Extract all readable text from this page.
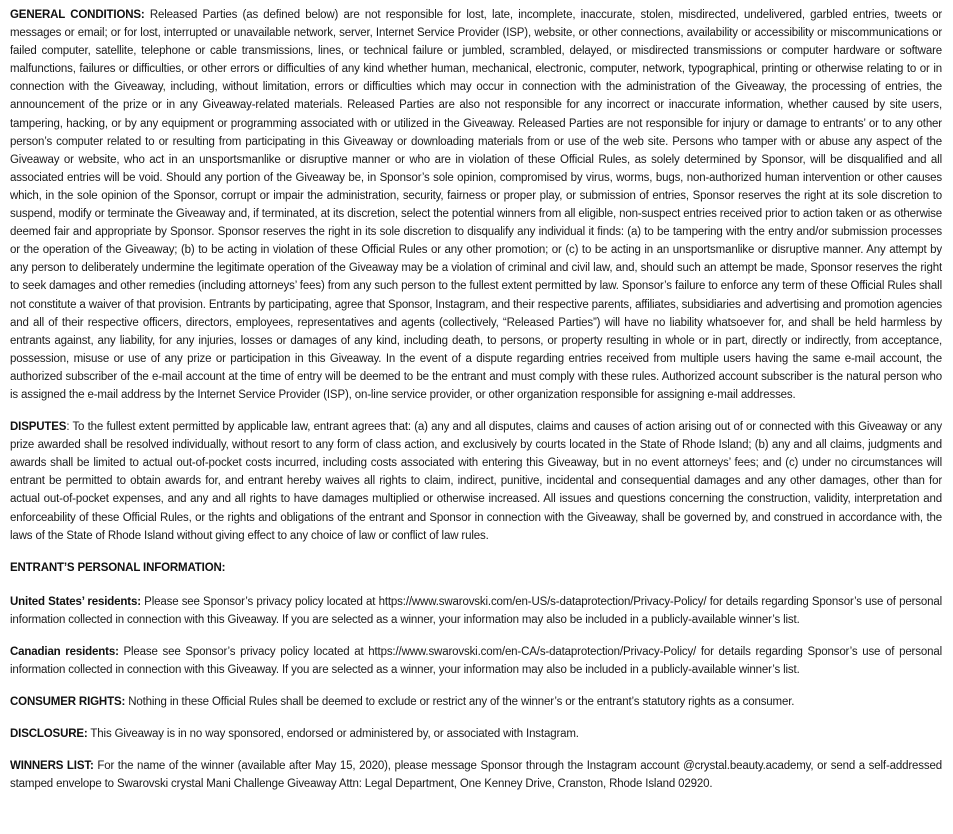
GENERAL CONDITIONS: Released Parties (as defined below) are not responsible for lost, late, incomplete, inaccurate, stolen, misdirected, undelivered, garbled entries, tweets or messages or email; or for lost, interrupted or unavailable network, server, Internet Service Provider (ISP), website, or other connections, availability or accessibility or miscommunications or failed computer, satellite, telephone or cable transmissions, lines, or technical failure or jumbled, scrambled, delayed, or misdirected transmissions or computer hardware or software malfunctions, failures or difficulties, or other errors or difficulties of any kind whether human, mechanical, electronic, computer, network, typographical, printing or otherwise relating to or in connection with the Giveaway, including, without limitation, errors or difficulties which may occur in connection with the administration of the Giveaway, the processing of entries, the announcement of the prize or in any Giveaway-related materials. Released Parties are also not responsible for any incorrect or inaccurate information, whether caused by site users, tampering, hacking, or by any equipment or programming associated with or utilized in the Giveaway. Released Parties are not responsible for injury or damage to entrants’ or to any other person’s computer related to or resulting from participating in this Giveaway or downloading materials from or use of the web site. Persons who tamper with or abuse any aspect of the Giveaway or website, who act in an unsportsmanlike or disruptive manner or who are in violation of these Official Rules, as solely determined by Sponsor, will be disqualified and all associated entries will be void. Should any portion of the Giveaway be, in Sponsor’s sole opinion, compromised by virus, worms, bugs, non-authorized human intervention or other causes which, in the sole opinion of the Sponsor, corrupt or impair the administration, security, fairness or proper play, or submission of entries, Sponsor reserves the right at its sole discretion to suspend, modify or terminate the Giveaway and, if terminated, at its discretion, select the potential winners from all eligible, non-suspect entries received prior to action taken or as otherwise deemed fair and appropriate by Sponsor. Sponsor reserves the right in its sole discretion to disqualify any individual it finds: (a) to be tampering with the entry and/or submission processes or the operation of the Giveaway; (b) to be acting in violation of these Official Rules or any other promotion; or (c) to be acting in an unsportsmanlike or disruptive manner. Any attempt by any person to deliberately undermine the legitimate operation of the Giveaway may be a violation of criminal and civil law, and, should such an attempt be made, Sponsor reserves the right to seek damages and other remedies (including attorneys’ fees) from any such person to the fullest extent permitted by law. Sponsor’s failure to enforce any term of these Official Rules shall not constitute a waiver of that provision. Entrants by participating, agree that Sponsor, Instagram, and their respective parents, affiliates, subsidiaries and advertising and promotion agencies and all of their respective officers, directors, employees, representatives and agents (collectively, “Released Parties”) will have no liability whatsoever for, and shall be held harmless by entrants against, any liability, for any injuries, losses or damages of any kind, including death, to persons, or property resulting in whole or in part, directly or indirectly, from acceptance, possession, misuse or use of any prize or participation in this Giveaway. In the event of a dispute regarding entries received from multiple users having the same e-mail account, the authorized subscriber of the e-mail account at the time of entry will be deemed to be the entrant and must comply with these rules. Authorized account subscriber is the natural person who is assigned the e-mail address by the Internet Service Provider (ISP), on-line service provider, or other organization responsible for assigning e-mail addresses.

DISPUTES: To the fullest extent permitted by applicable law, entrant agrees that: (a) any and all disputes, claims and causes of action arising out of or connected with this Giveaway or any prize awarded shall be resolved individually, without resort to any form of class action, and exclusively by courts located in the State of Rhode Island; (b) any and all claims, judgments and awards shall be limited to actual out-of-pocket costs incurred, including costs associated with entering this Giveaway, but in no event attorneys’ fees; and (c) under no circumstances will entrant be permitted to obtain awards for, and entrant hereby waives all rights to claim, indirect, punitive, incidental and consequential damages and any other damages, other than for actual out-of-pocket expenses, and any and all rights to have damages multiplied or otherwise increased. All issues and questions concerning the construction, validity, interpretation and enforceability of these Official Rules, or the rights and obligations of the entrant and Sponsor in connection with the Giveaway, shall be governed by, and construed in accordance with, the laws of the State of Rhode Island without giving effect to any choice of law or conflict of law rules.

ENTRANT’S PERSONAL INFORMATION:

United States’ residents: Please see Sponsor’s privacy policy located at https://www.swarovski.com/en-US/s-dataprotection/Privacy-Policy/ for details regarding Sponsor’s use of personal information collected in connection with this Giveaway. If you are selected as a winner, your information may also be included in a publicly-available winner’s list.

Canadian residents: Please see Sponsor’s privacy policy located at https://www.swarovski.com/en-CA/s-dataprotection/Privacy-Policy/ for details regarding Sponsor’s use of personal information collected in connection with this Giveaway. If you are selected as a winner, your information may also be included in a publicly-available winner’s list.

CONSUMER RIGHTS: Nothing in these Official Rules shall be deemed to exclude or restrict any of the winner’s or the entrant’s statutory rights as a consumer.

DISCLOSURE: This Giveaway is in no way sponsored, endorsed or administered by, or associated with Instagram.

WINNERS LIST: For the name of the winner (available after May 15, 2020), please message Sponsor through the Instagram account @crystal.beauty.academy, or send a self-addressed stamped envelope to Swarovski crystal Mani Challenge Giveaway Attn: Legal Department, One Kenney Drive, Cranston, Rhode Island 02920.
